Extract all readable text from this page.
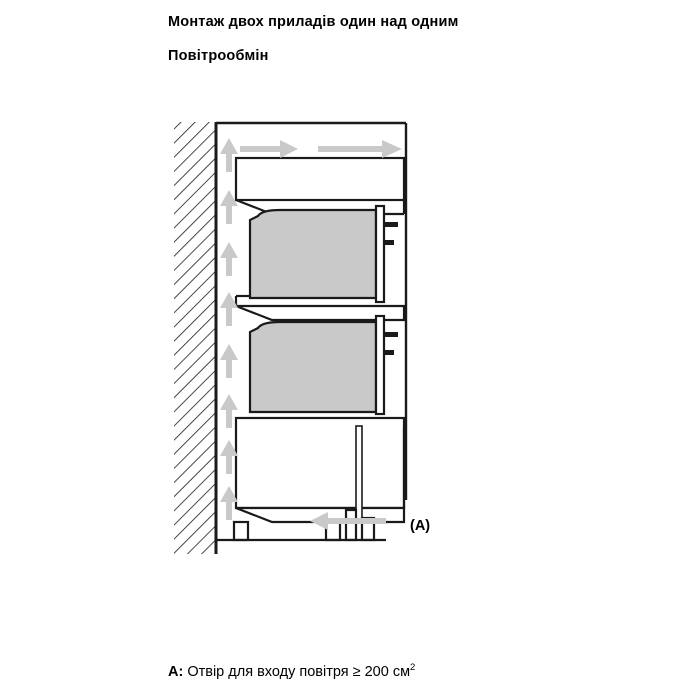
Монтаж двох приладів один над одним
Повітрообмін
(A)
A: Отвір для входу повітря ≥ 200 $см^2$
